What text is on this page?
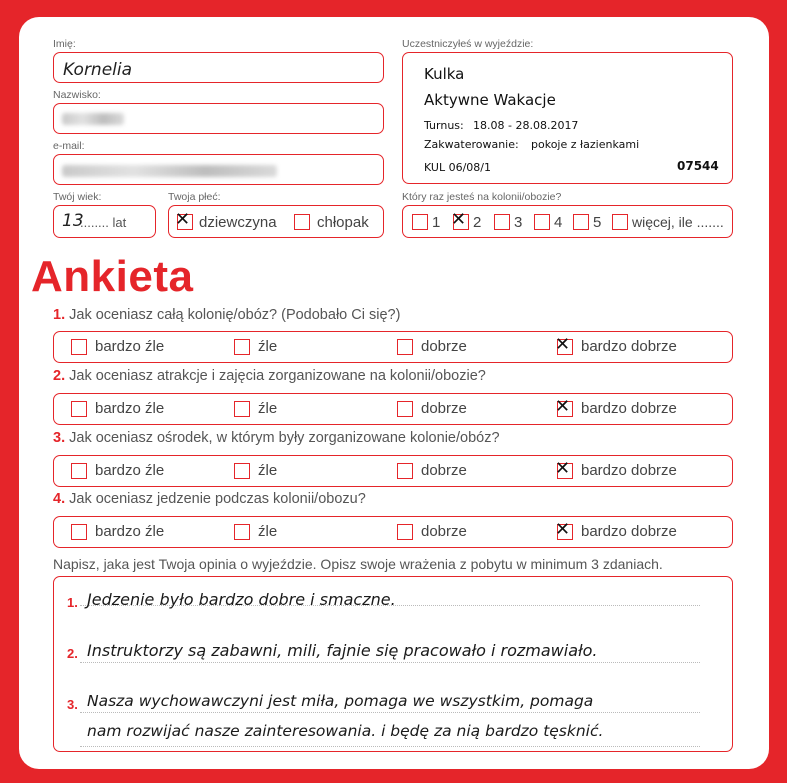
Imię:
Kornelia
Nazwisko:
e-mail:
Twój wiek:
13
........ lat
Twoja płeć:
✕ dziewczyna	chłopak
Uczestniczyłeś w wyjeździe:
Kulka
Aktywne Wakacje
Turnus: 18.08 - 28.08.2017
Zakwaterowanie: pokoje z łazienkami
KUL 06/08/1	07544
Który raz jesteś na kolonii/obozie?
1 ✕ 2 3 4 5 więcej, ile .......
Ankieta
1. Jak oceniasz całą kolonię/obóz? (Podobało Ci się?)
bardzo źle	źle	dobrze	✕ bardzo dobrze
2. Jak oceniasz atrakcje i zajęcia zorganizowane na kolonii/obozie?
bardzo źle	źle	dobrze	✕ bardzo dobrze
3. Jak oceniasz ośrodek, w którym były zorganizowane kolonie/obóz?
bardzo źle	źle	dobrze	✕ bardzo dobrze
4. Jak oceniasz jedzenie podczas kolonii/obozu?
bardzo źle	źle	dobrze	✕ bardzo dobrze
Napisz, jaka jest Twoja opinia o wyjeździe. Opisz swoje wrażenia z pobytu w minimum 3 zdaniach.
1. Jedzenie było bardzo dobre i smaczne.
2. Instruktorzy są zabawni, mili, fajnie się pracowało i rozmawiało.
3. Nasza wychowawczyni jest miła, pomaga we wszystkim, pomaga
nam rozwijać nasze zainteresowania. i będę za nią bardzo tęsknić.
